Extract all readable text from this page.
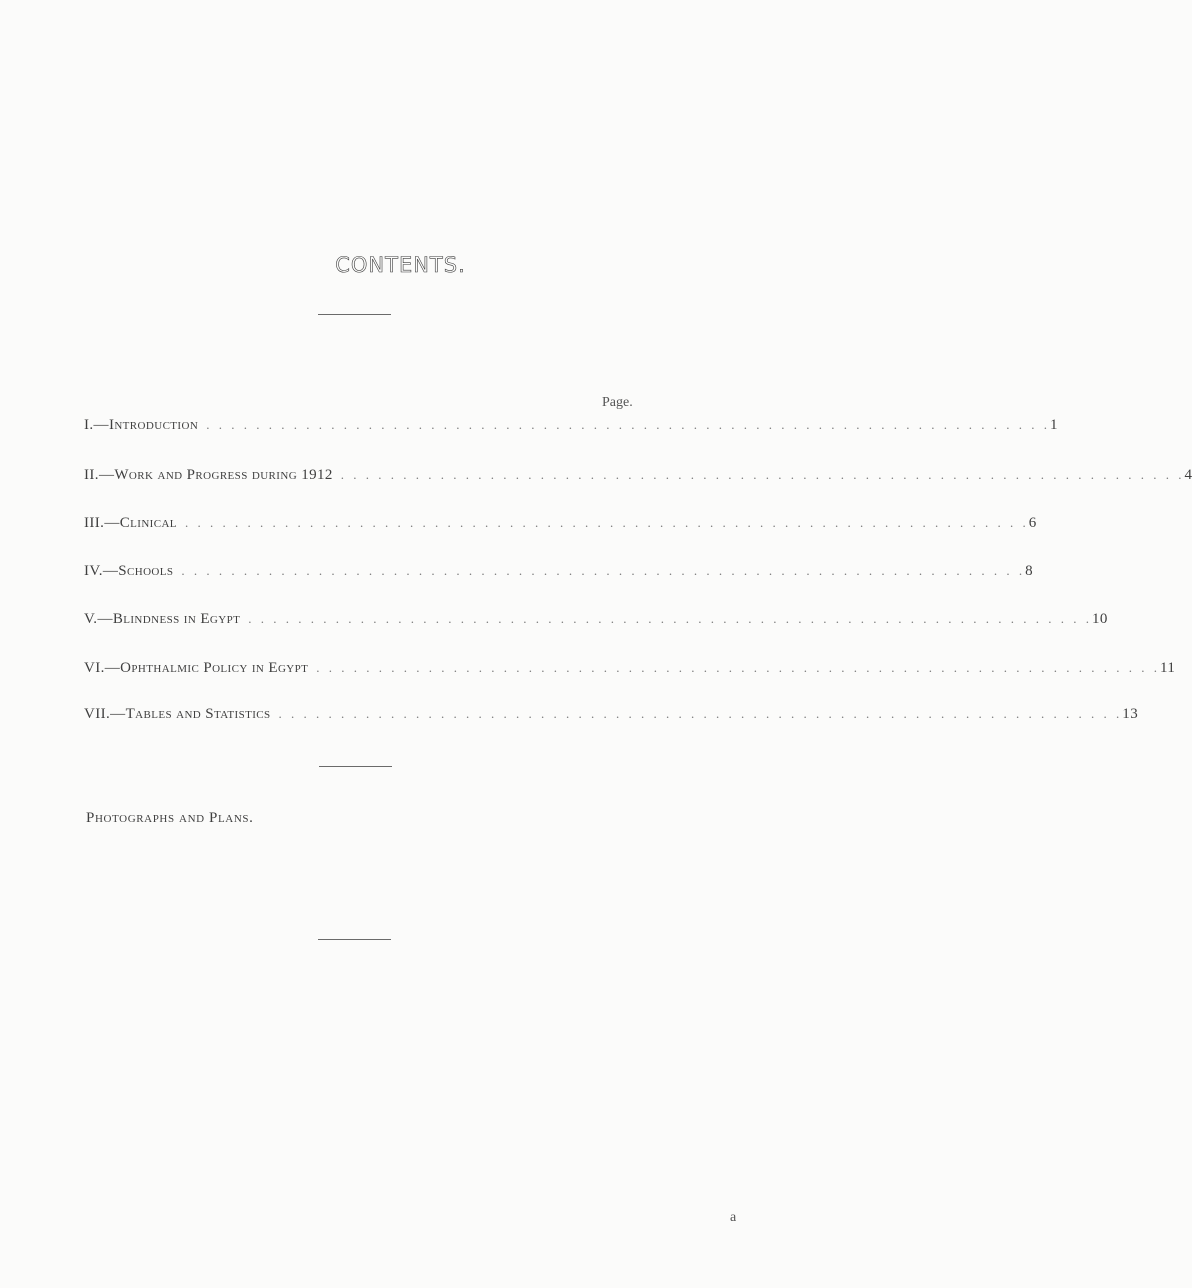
CONTENTS.
Page.
I.—Introduction . . . . . . . . . . . . . . . . . . . . . . . . . . . . . . . . . . . . . . . . . . . . . . . . . . . . . . . . . . . . . . . . . . . . 1
II.—Work and Progress during 1912 . . . . . . . . . . . . . . . . . . . . . . . . . . . . . . . . . . . . . . . . . . . . . . . . . . . . . . . . . . . . . . . . . . . . 4
III.—Clinical . . . . . . . . . . . . . . . . . . . . . . . . . . . . . . . . . . . . . . . . . . . . . . . . . . . . . . . . . . . . . . . . . . . . 6
IV.—Schools . . . . . . . . . . . . . . . . . . . . . . . . . . . . . . . . . . . . . . . . . . . . . . . . . . . . . . . . . . . . . . . . . . . . 8
V.—Blindness in Egypt . . . . . . . . . . . . . . . . . . . . . . . . . . . . . . . . . . . . . . . . . . . . . . . . . . . . . . . . . . . . . . . . . . . . 10
VI.—Ophthalmic Policy in Egypt . . . . . . . . . . . . . . . . . . . . . . . . . . . . . . . . . . . . . . . . . . . . . . . . . . . . . . . . . . . . . . . . . . . . 11
VII.—Tables and Statistics . . . . . . . . . . . . . . . . . . . . . . . . . . . . . . . . . . . . . . . . . . . . . . . . . . . . . . . . . . . . . . . . . . . . 13
Photographs and Plans.
a
